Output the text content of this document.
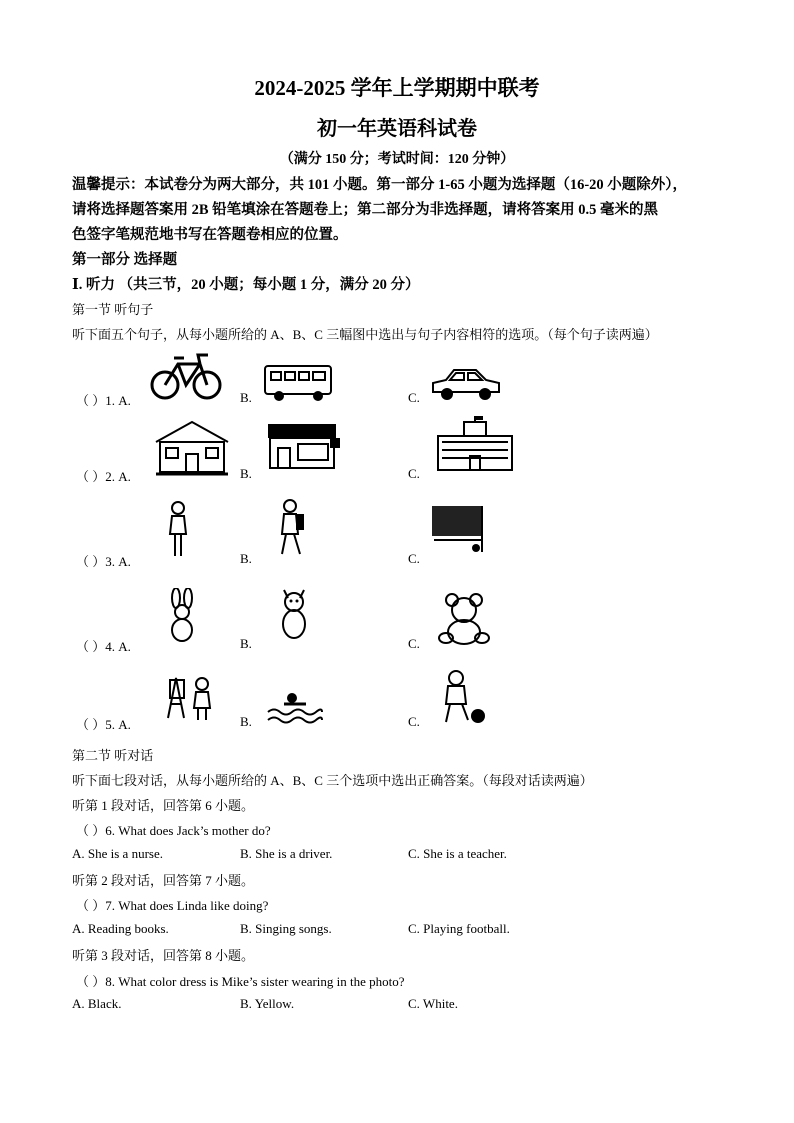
2024-2025 学年上学期期中联考
初一年英语科试卷
（满分 150 分；考试时间：120 分钟）
温馨提示：本试卷分为两大部分，共 101 小题。第一部分 1-65 小题为选择题（16-20 小题除外），
请将选择题答案用 2B 铅笔填涂在答题卷上；第二部分为非选择题，请将答案用 0.5 毫米的黑
色签字笔规范地书写在答题卷相应的位置。
第一部分 选择题
Ⅰ. 听力 （共三节，20 小题；每小题 1 分，满分 20 分）
第一节 听句子
听下面五个句子，从每小题所给的 A、B、C 三幅图中选出与句子内容相符的选项。（每个句子读两遍）
（ ）1. A.	B.	C.
（ ）2. A.	B.	C.
（ ）3. A.	B.	C.
（ ）4. A.	B.	C.
（ ）5. A.	B.	C.
第二节 听对话
听下面七段对话，从每小题所给的 A、B、C 三个选项中选出正确答案。（每段对话读两遍）
听第 1 段对话，回答第 6 小题。
（ ）6. What does Jack’s mother do?
A. She is a nurse.	B. She is a driver.	C. She is a teacher.
听第 2 段对话，回答第 7 小题。
（ ）7. What does Linda like doing?
A. Reading books.	B. Singing songs.	C. Playing football.
听第 3 段对话，回答第 8 小题。
（ ）8. What color dress is Mike’s sister wearing in the photo?
A. Black.	B. Yellow.	C. White.
